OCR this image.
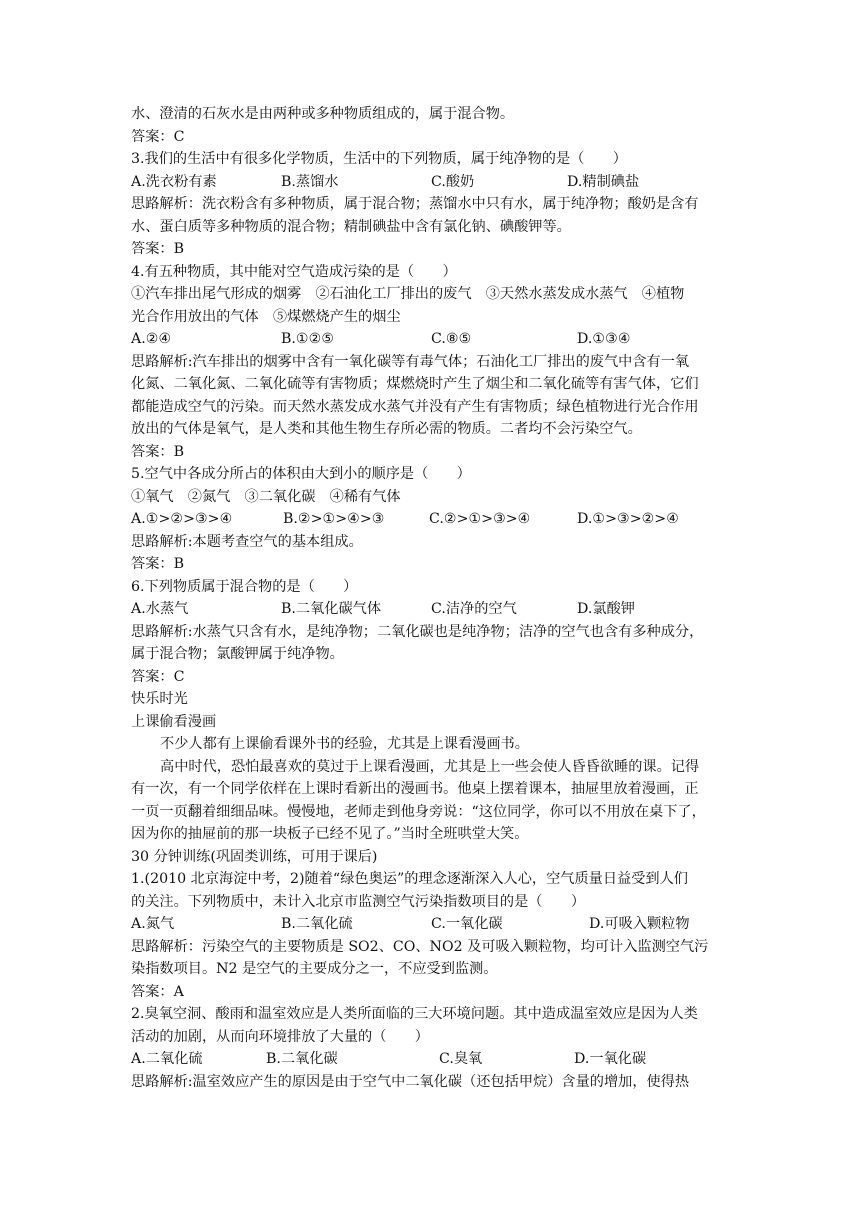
水、澄清的石灰水是由两种或多种物质组成的，属于混合物。
答案：C
3.我们的生活中有很多化学物质，生活中的下列物质，属于纯净物的是（　　）
A.洗衣粉有素	B.蒸馏水	C.酸奶	D.精制碘盐
思路解析：洗衣粉含有多种物质，属于混合物；蒸馏水中只有水，属于纯净物；酸奶是含有
水、蛋白质等多种物质的混合物；精制碘盐中含有氯化钠、碘酸钾等。
答案：B
4.有五种物质，其中能对空气造成污染的是（　　）
①汽车排出尾气形成的烟雾　②石油化工厂排出的废气　③天然水蒸发成水蒸气　④植物
光合作用放出的气体　⑤煤燃烧产生的烟尘
A.②④	B.①②⑤	C.⑧⑤	D.①③④
思路解析:汽车排出的烟雾中含有一氧化碳等有毒气体；石油化工厂排出的废气中含有一氧
化氮、二氧化氮、二氧化硫等有害物质；煤燃烧时产生了烟尘和二氧化硫等有害气体，它们
都能造成空气的污染。而天然水蒸发成水蒸气并没有产生有害物质；绿色植物进行光合作用
放出的气体是氧气，是人类和其他生物生存所必需的物质。二者均不会污染空气。
答案：B
5.空气中各成分所占的体积由大到小的顺序是（　　）
①氧气　②氮气　③二氧化碳　④稀有气体
A.①>②>③>④	B.②>①>④>③	C.②>①>③>④	D.①>③>②>④
思路解析:本题考查空气的基本组成。
答案：B
6.下列物质属于混合物的是（　　）
A.水蒸气	B.二氧化碳气体	C.洁净的空气	D.氯酸钾
思路解析:水蒸气只含有水，是纯净物；二氧化碳也是纯净物；洁净的空气也含有多种成分，
属于混合物；氯酸钾属于纯净物。
答案：C
快乐时光
上课偷看漫画
不少人都有上课偷看课外书的经验，尤其是上课看漫画书。
高中时代，恐怕最喜欢的莫过于上课看漫画，尤其是上一些会使人昏昏欲睡的课。记得
有一次，有一个同学依样在上课时看新出的漫画书。他桌上摆着课本，抽屉里放着漫画，正
一页一页翻着细细品味。慢慢地，老师走到他身旁说：“这位同学，你可以不用放在桌下了，
因为你的抽屉前的那一块板子已经不见了。”当时全班哄堂大笑。
30 分钟训练(巩固类训练，可用于课后)
1.(2010 北京海淀中考，2)随着“绿色奥运”的理念逐渐深入人心，空气质量日益受到人们
的关注。下列物质中，未计入北京市监测空气污染指数项目的是（　　）
A.氮气	B.二氧化硫	C.一氧化碳	D.可吸入颗粒物
思路解析：污染空气的主要物质是 SO2、CO、NO2 及可吸入颗粒物，均可计入监测空气污
染指数项目。N2 是空气的主要成分之一，不应受到监测。
答案：A
2.臭氧空洞、酸雨和温室效应是人类所面临的三大环境问题。其中造成温室效应是因为人类
活动的加剧，从而向环境排放了大量的（　　）
A.二氧化硫	B.二氧化碳	C.臭氧	D.一氧化碳
思路解析:温室效应产生的原因是由于空气中二氧化碳（还包括甲烷）含量的增加，使得热
